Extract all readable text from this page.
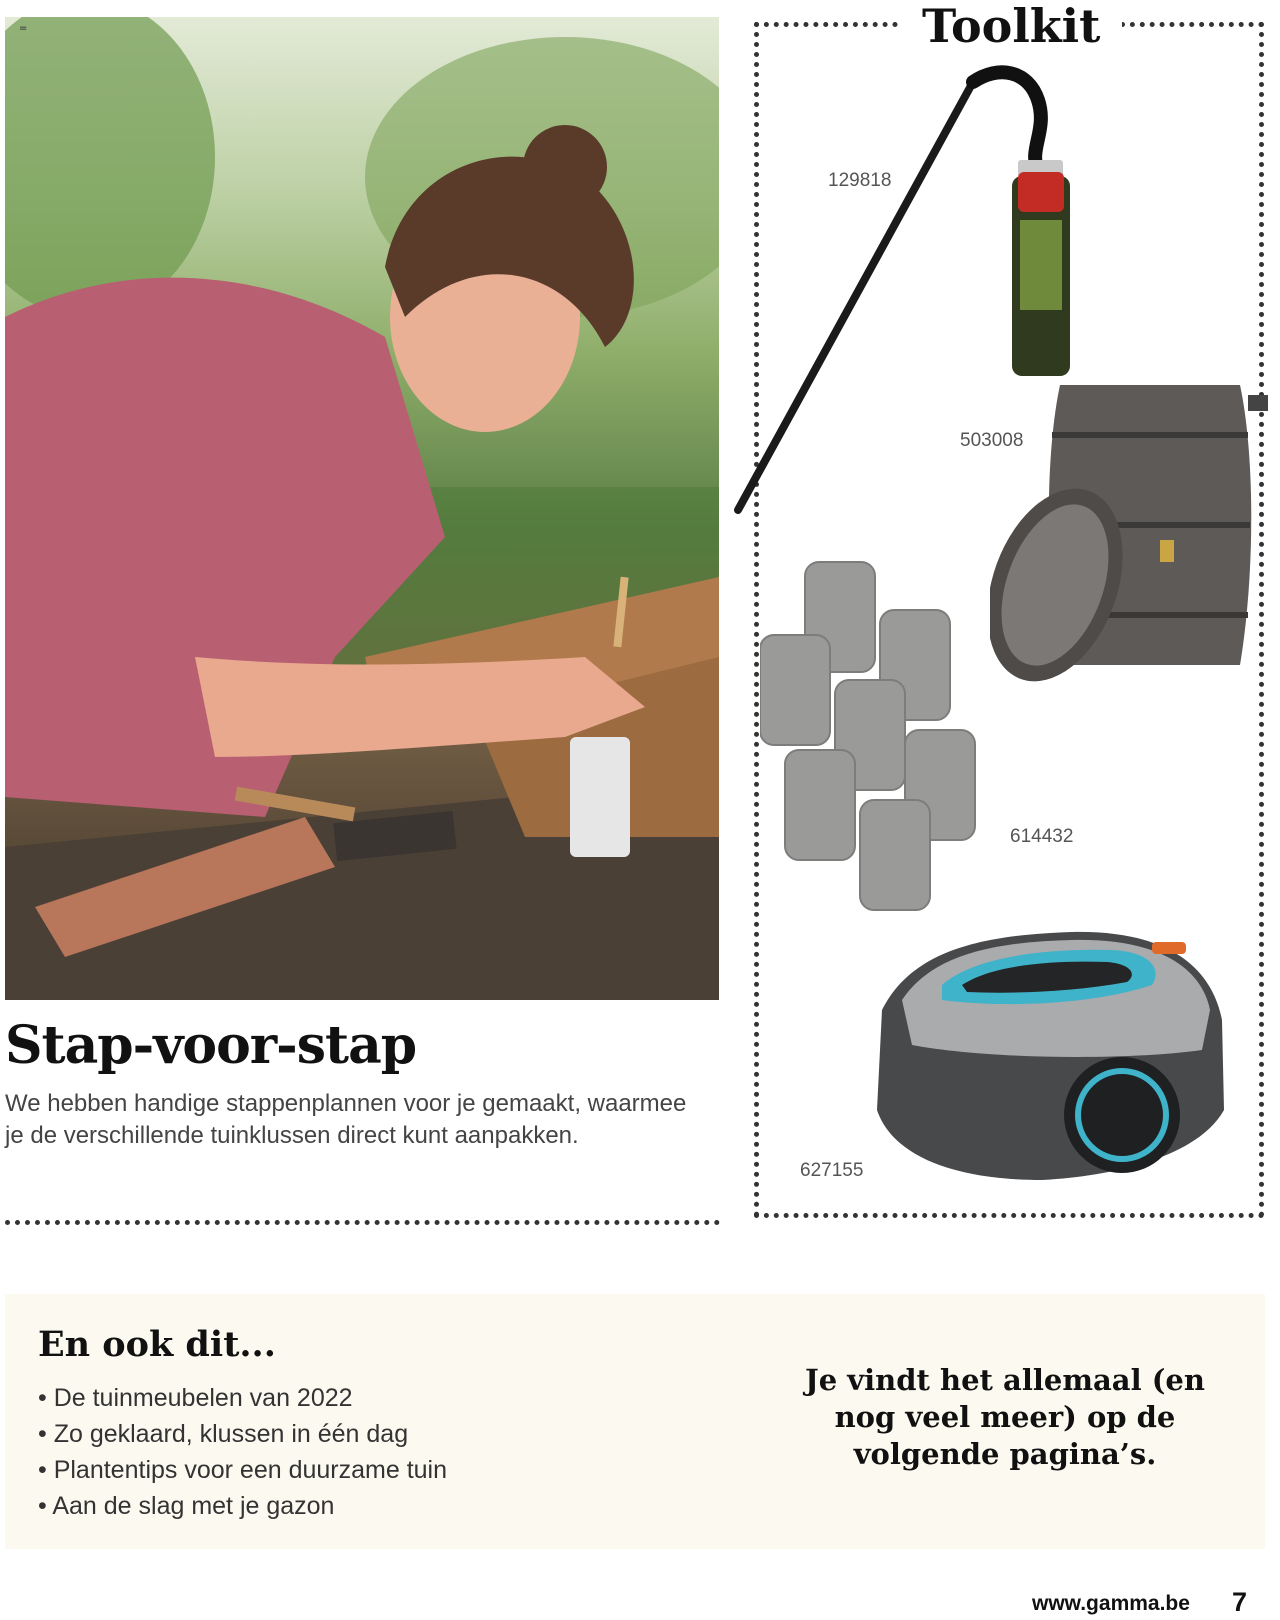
=
Stap-voor-stap

We hebben handige stappenplannen voor je gemaakt, waarmee je de verschillende tuinklussen direct kunt aanpakken.

Toolkit
129818
503008
614432
627155
En ook dit...
• De tuinmeubelen van 2022
• Zo geklaard, klussen in één dag
• Plantentips voor een duurzame tuin
• Aan de slag met je gazon

Je vindt het allemaal (en nog veel meer) op de volgende pagina’s.

www.gamma.be 7
